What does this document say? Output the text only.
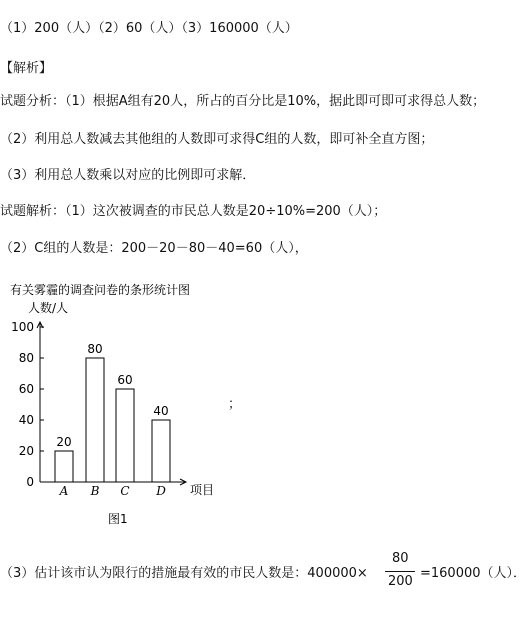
（1）200（人）（2）60（人）（3）160000（人）
【解析】
试题分析：（1）根据A组有20人，所占的百分比是10%，据此即可即可求得总人数；
（2）利用总人数减去其他组的人数即可求得C组的人数，即可补全直方图；
（3）利用总人数乘以对应的比例即可求解．
试题解析：（1）这次被调查的市民总人数是20÷10%=200（人）；
（2）C组的人数是：200－20－80－40=60（人），
有关雾霾的调查问卷的条形统计图
人数/人
项目
图1
0
20
40
60
80
100
20
A
80
B
60
C
40
D
；
（3）估计该市认为限行的措施最有效的市民人数是：400000×
80
200
=160000（人）．
